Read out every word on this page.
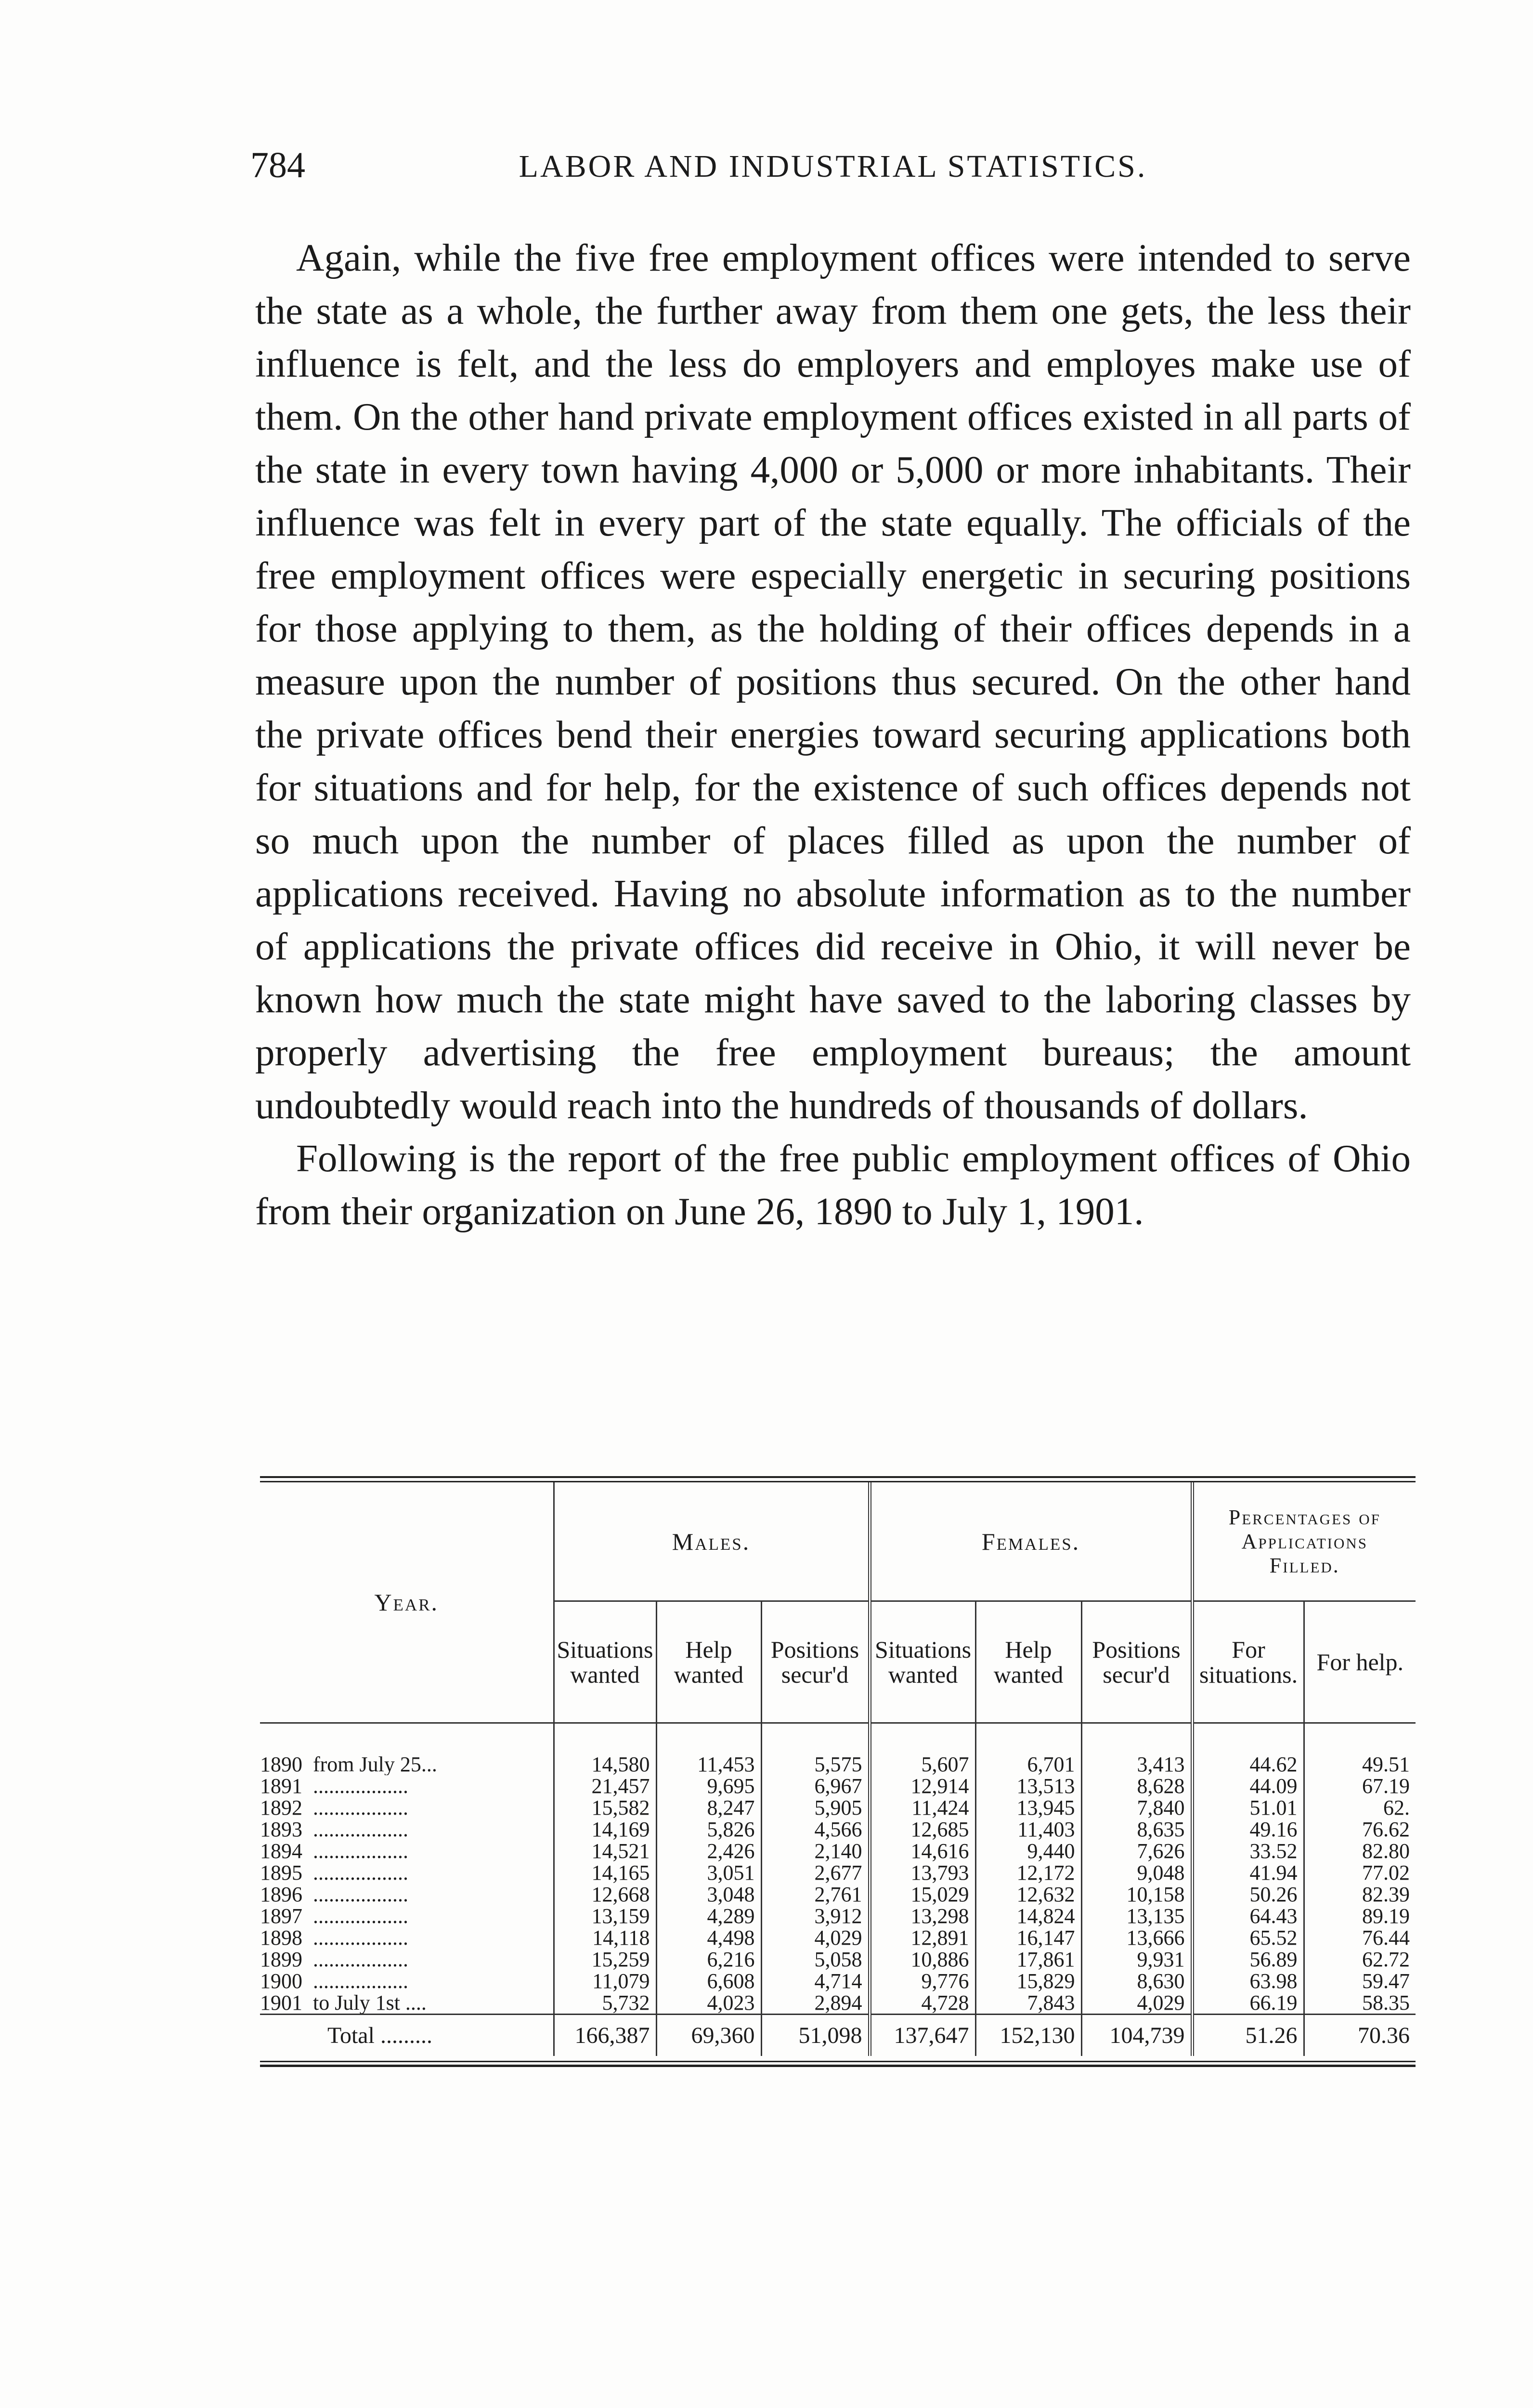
784	LABOR AND INDUSTRIAL STATISTICS.

Again, while the five free employment offices were intended to serve the state as a whole, the further away from them one gets, the less their influence is felt, and the less do employers and employes make use of them. On the other hand private employment offices existed in all parts of the state in every town having 4,000 or 5,000 or more inhabitants. Their influence was felt in every part of the state equally. The officials of the free employment offices were especially energetic in securing positions for those applying to them, as the holding of their offices depends in a measure upon the number of positions thus secured. On the other hand the private offices bend their energies toward securing applications both for situations and for help, for the existence of such offices depends not so much upon the number of places filled as upon the number of applications received. Having no absolute information as to the number of applications the private offices did receive in Ohio, it will never be known how much the state might have saved to the laboring classes by properly advertising the free employment bureaus; the amount undoubtedly would reach into the hundreds of thousands of dollars.

Following is the report of the free public employment offices of Ohio from their organization on June 26, 1890 to July 1, 1901.

Year.	Males.			Females.			Percentages of Applications Filled.	
	Situations wanted	Help wanted	Positions secur'd	Situations wanted	Help wanted	Positions secur'd	For situations.	For help.

1890  from July 25...	14,580	11,453	5,575	5,607	6,701	3,413	44.62	49.51
1891  ..................	21,457	9,695	6,967	12,914	13,513	8,628	44.09	67.19
1892  ..................	15,582	8,247	5,905	11,424	13,945	7,840	51.01	62.
1893  ..................	14,169	5,826	4,566	12,685	11,403	8,635	49.16	76.62
1894  ..................	14,521	2,426	2,140	14,616	9,440	7,626	33.52	82.80
1895  ..................	14,165	3,051	2,677	13,793	12,172	9,048	41.94	77.02
1896  ..................	12,668	3,048	2,761	15,029	12,632	10,158	50.26	82.39
1897  ..................	13,159	4,289	3,912	13,298	14,824	13,135	64.43	89.19
1898  ..................	14,118	4,498	4,029	12,891	16,147	13,666	65.52	76.44
1899  ..................	15,259	6,216	5,058	10,886	17,861	9,931	56.89	62.72
1900  ..................	11,079	6,608	4,714	9,776	15,829	8,630	63.98	59.47
1901  to July 1st ....	5,732	4,023	2,894	4,728	7,843	4,029	66.19	58.35
Total .........	166,387	69,360	51,098	137,647	152,130	104,739	51.26	70.36
